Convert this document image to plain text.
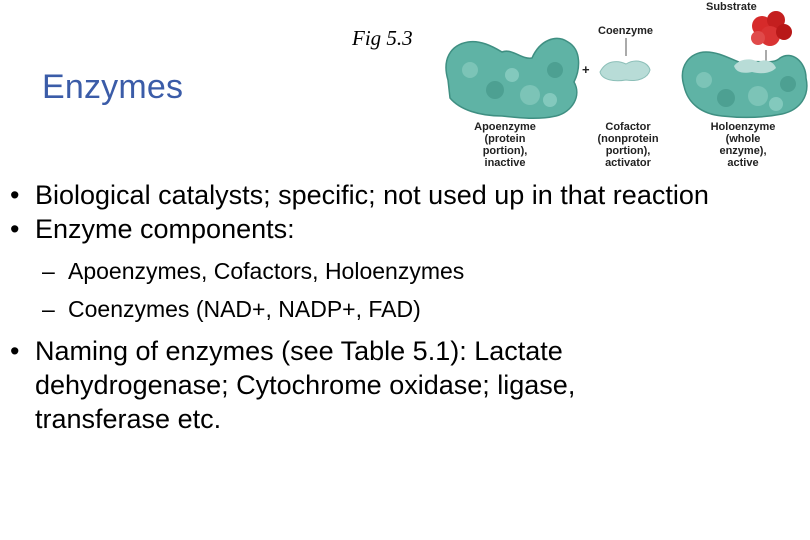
Fig 5.3
Enzymes	+
Coenzyme
Substrate
Apoenzyme
(protein
portion),
inactive
Cofactor
(nonprotein
portion),
activator
Holoenzyme
(whole
enzyme),
active

• Biological catalysts; specific; not used up in that reaction

• Enzyme components:

– Apoenzymes, Cofactors, Holoenzymes

– Coenzymes (NAD+, NADP+, FAD)

• Naming of enzymes (see Table 5.1): Lactate dehydrogenase; Cytochrome oxidase; ligase, transferase etc.
